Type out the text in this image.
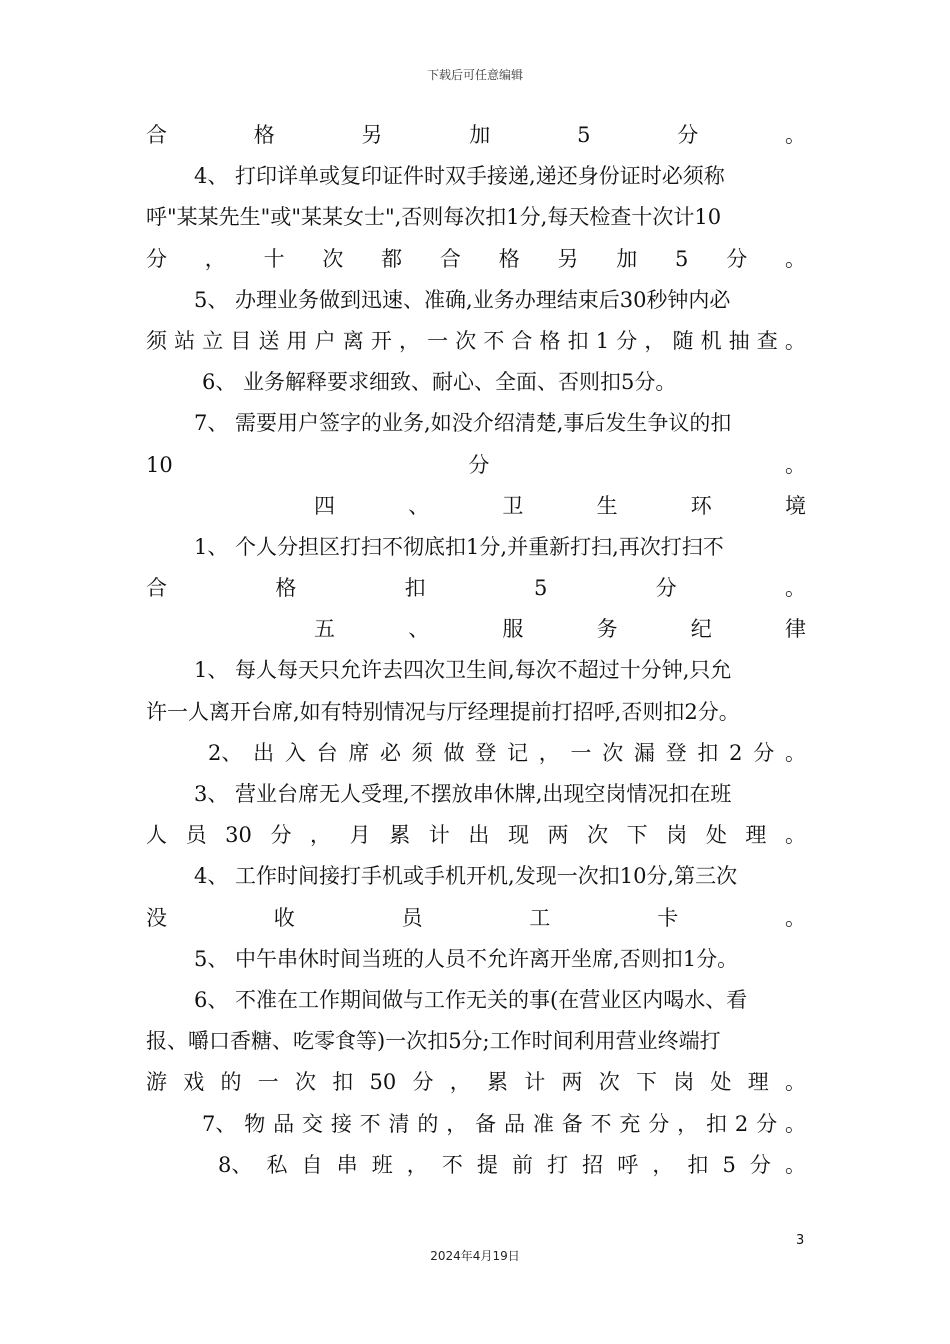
下载后可任意编辑
合	格	另	加	5	分	。
4、 打印详单或复印证件时双手接递,递还身份证时必须称
呼"某某先生"或"某某女士",否则每次扣1分,每天检查十次计10
分 ， 十 次 都 合 格 另 加 5 分 。
5、 办理业务做到迅速、准确,业务办理结束后30秒钟内必
须 站 立 目 送 用 户 离 开 ， 一 次 不 合 格 扣 1 分 ， 随 机 抽 查 。
6、 业务解释要求细致、耐心、全面、否则扣5分。
7、 需要用户签字的业务,如没介绍清楚,事后发生争议的扣
10	分	。
四	、	卫	生	环	境
1、 个人分担区打扫不彻底扣1分,并重新打扫,再次打扫不
合	格	扣	5	分	。
五	、	服	务	纪	律
1、 每人每天只允许去四次卫生间,每次不超过十分钟,只允
许一人离开台席,如有特别情况与厅经理提前打招呼,否则扣2分。
2、 出 入 台 席 必 须 做 登 记 ， 一 次 漏 登 扣 2 分 。
3、 营业台席无人受理,不摆放串休牌,出现空岗情况扣在班
人 员 30 分 ， 月 累 计 出 现 两 次 下 岗 处 理 。
4、 工作时间接打手机或手机开机,发现一次扣10分,第三次
没	收	员	工	卡	。
5、 中午串休时间当班的人员不允许离开坐席,否则扣1分。
6、 不准在工作期间做与工作无关的事(在营业区内喝水、看
报、嚼口香糖、吃零食等)一次扣5分;工作时间利用营业终端打
游 戏 的 一 次 扣 50 分 ， 累 计 两 次 下 岗 处 理 。
7、 物 品 交 接 不 清 的 ， 备 品 准 备 不 充 分 ， 扣 2 分 。
8、 私 自 串 班 ， 不 提 前 打 招 呼 ， 扣 5 分 。
3
2024年4月19日
